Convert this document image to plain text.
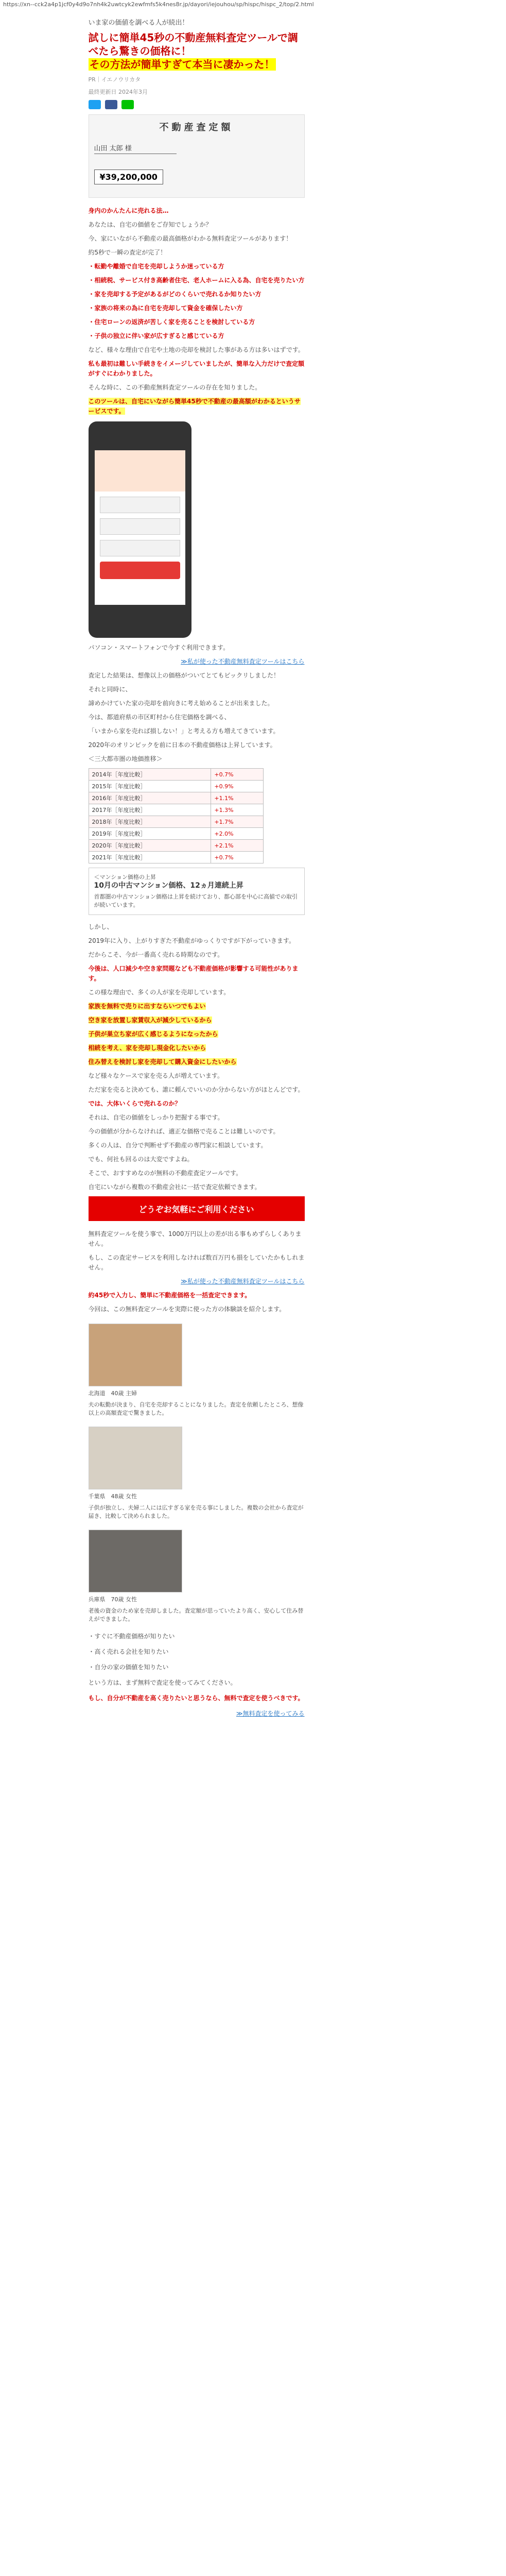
https://xn--cck2a4p1jcf0y4d9o7nh4k2uwtcyk2ewfmfs5k4nes8r.jp/dayori/iejouhou/sp/hispc/hispc_2/top/2.html
いま家の価値を調べる人が続出！
試しに簡単45秒の不動産無料査定ツールで調べたら驚きの価格に！
その方法が簡単すぎて本当に凄かった！
PR｜イエノウリカタ
最終更新日 2024年3月
不動産査定額
山田 太郎 様
¥39,200,000

身内のかんたんに売れる法…

あなたは、自宅の価値をご存知でしょうか？

今、家にいながら不動産の最高価格がわかる無料査定ツールがあります！

約5秒で一瞬の査定が完了！

・転勤や離婚で自宅を売却しようか迷っている方

・相続税、サービス付き高齢者住宅、老人ホームに入る為、自宅を売りたい方

・家を売却する予定があるがどのくらいで売れるか知りたい方

・家族の将来の為に自宅を売却して資金を確保したい方

・住宅ローンの返済が苦しく家を売ることを検討している方

・子供の独立に伴い家が広すぎると感じている方

など、様々な理由で自宅や土地の売却を検討した事がある方は多いはずです。

私も最初は難しい手続きをイメージしていましたが、簡単な入力だけで査定額がすぐにわかりました。

そんな時に、この不動産無料査定ツールの存在を知りました。

このツールは、自宅にいながら簡単45秒で不動産の最高額がわかるというサービスです。

パソコン・スマートフォンで今すぐ利用できます。

≫私が使った不動産無料査定ツールはこちら

査定した結果は、想像以上の価格がついてとてもビックリしました！

それと同時に、

諦めかけていた家の売却を前向きに考え始めることが出来ました。

今は、都道府県の市区町村から住宅価格を調べる、

「いまから家を売れば損しない！」と考える方も増えてきています。

2020年のオリンピックを前に日本の不動産価格は上昇しています。

＜三大都市圏の地価推移＞

2014年［年度比較］	+0.7%
2015年［年度比較］	+0.9%
2016年［年度比較］	+1.1%
2017年［年度比較］	+1.3%
2018年［年度比較］	+1.7%
2019年［年度比較］	+2.0%
2020年［年度比較］	+2.1%
2021年［年度比較］	+0.7%
＜マンション価格の上昇
10月の中古マンション価格、12ヵ月連続上昇
首都圏の中古マンション価格は上昇を続けており、都心部を中心に高値での取引が続いています。

しかし、

2019年に入り、上がりすぎた不動産がゆっくりですが下がっていきます。

だからこそ、今が一番高く売れる時期なのです。

今後は、人口減少や空き家問題なども不動産価格が影響する可能性があります。

この様な理由で、多くの人が家を売却しています。

家族を無料で売りに出すならいつでもよい

空き家を放置し家賃収入が減少しているから

子供が巣立ち家が広く感じるようになったから

相続を考え、家を売却し現金化したいから

住み替えを検討し家を売却して購入資金にしたいから

など様々なケースで家を売る人が増えています。

ただ家を売ると決めても、誰に頼んでいいのか分からない方がほとんどです。

では、大体いくらで売れるのか？

それは、自宅の価値をしっかり把握する事です。

今の価値が分からなければ、適正な価格で売ることは難しいのです。

多くの人は、自分で判断せず不動産の専門家に相談しています。

でも、何社も回るのは大変ですよね。

そこで、おすすめなのが無料の不動産査定ツールです。

自宅にいながら複数の不動産会社に一括で査定依頼できます。

どうぞお気軽にご利用ください

無料査定ツールを使う事で、1000万円以上の差が出る事もめずらしくありません。

もし、この査定サービスを利用しなければ数百万円も損をしていたかもしれません。

≫私が使った不動産無料査定ツールはこちら

約45秒で入力し、簡単に不動産価格を一括査定できます。

今回は、この無料査定ツールを実際に使った方の体験談を紹介します。

北海道　40歳 主婦

夫の転勤が決まり、自宅を売却することになりました。査定を依頼したところ、想像以上の高額査定で驚きました。

千葉県　48歳 女性

子供が独立し、夫婦二人には広すぎる家を売る事にしました。複数の会社から査定が届き、比較して決められました。

兵庫県　70歳 女性

老後の資金のため家を売却しました。査定額が思っていたより高く、安心して住み替えができました。

・すぐに不動産価格が知りたい

・高く売れる会社を知りたい

・自分の家の価値を知りたい

という方は、まず無料で査定を使ってみてください。

もし、自分が不動産を高く売りたいと思うなら、無料で査定を使うべきです。

≫無料査定を使ってみる
